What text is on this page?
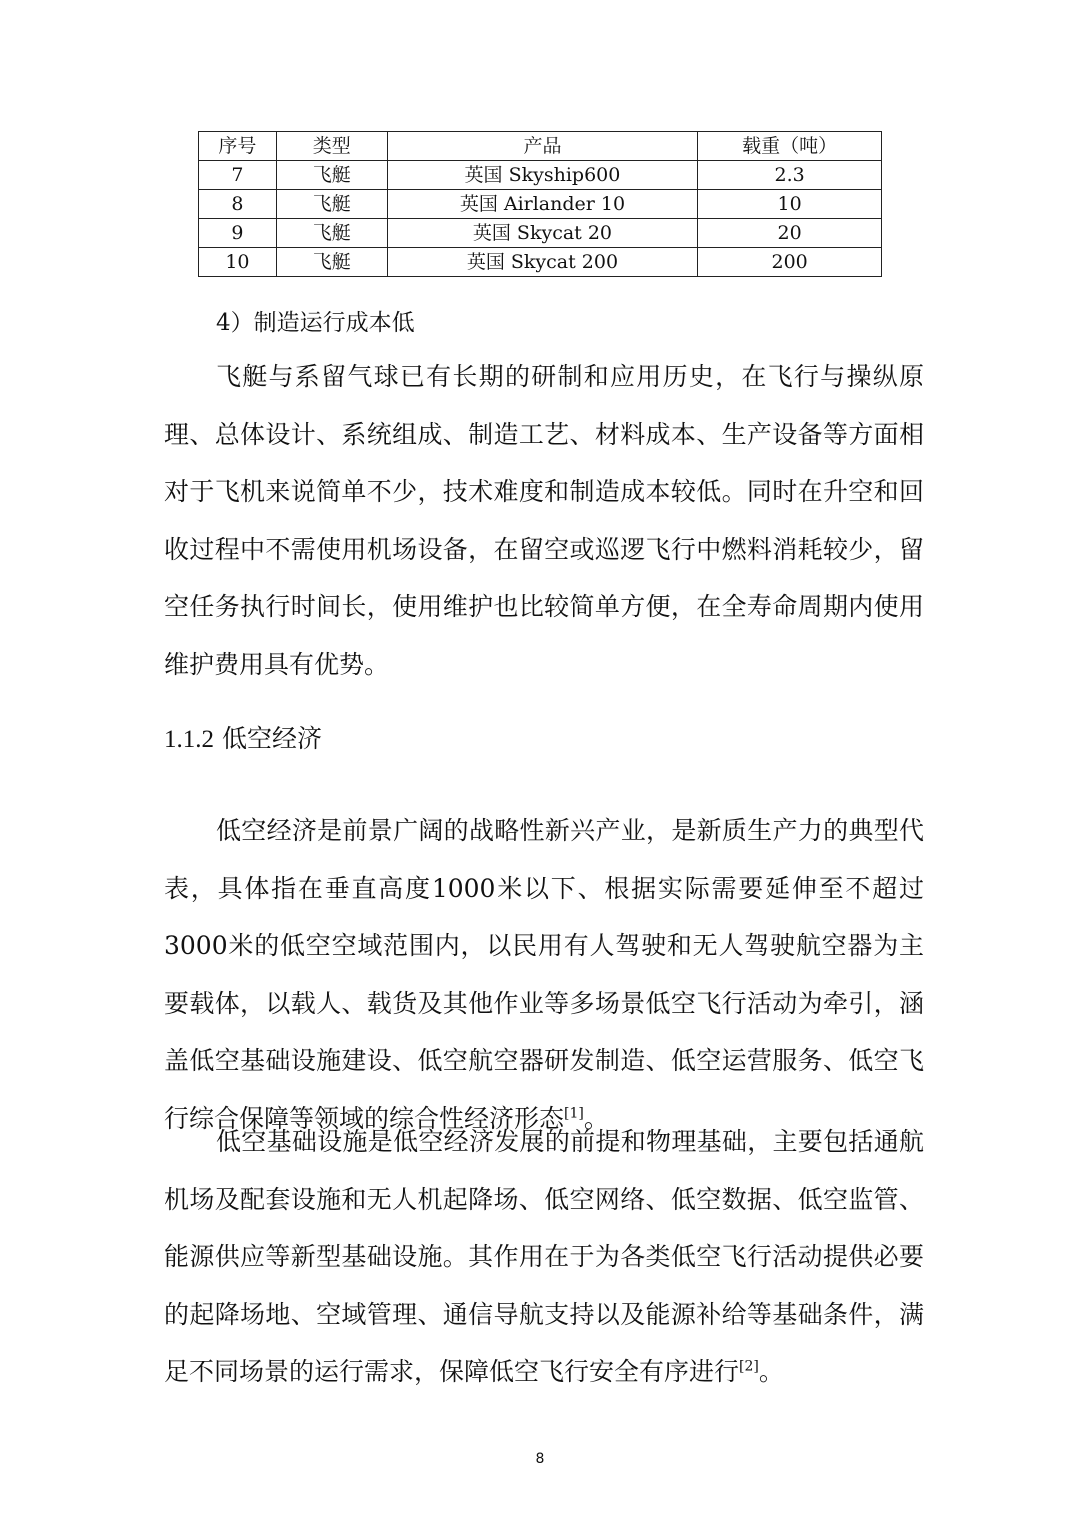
序号	类型	产品	载重（吨）
7	飞艇	英国 Skyship600	2.3
8	飞艇	英国 Airlander 10	10
9	飞艇	英国 Skycat 20	20
10	飞艇	英国 Skycat 200	200

4）制造运行成本低

飞艇与系留气球已有长期的研制和应用历史，在飞行与操纵原理、总体设计、系统组成、制造工艺、材料成本、生产设备等方面相对于飞机来说简单不少，技术难度和制造成本较低。同时在升空和回收过程中不需使用机场设备，在留空或巡逻飞行中燃料消耗较少，留空任务执行时间长，使用维护也比较简单方便，在全寿命周期内使用维护费用具有优势。

1.1.2 低空经济

低空经济是前景广阔的战略性新兴产业，是新质生产力的典型代表，具体指在垂直高度1000米以下、根据实际需要延伸至不超过3000米的低空空域范围内，以民用有人驾驶和无人驾驶航空器为主要载体，以载人、载货及其他作业等多场景低空飞行活动为牵引，涵盖低空基础设施建设、低空航空器研发制造、低空运营服务、低空飞行综合保障等领域的综合性经济形态[1]。

低空基础设施是低空经济发展的前提和物理基础，主要包括通航机场及配套设施和无人机起降场、低空网络、低空数据、低空监管、能源供应等新型基础设施。其作用在于为各类低空飞行活动提供必要的起降场地、空域管理、通信导航支持以及能源补给等基础条件，满足不同场景的运行需求，保障低空飞行安全有序进行[2]。

8
